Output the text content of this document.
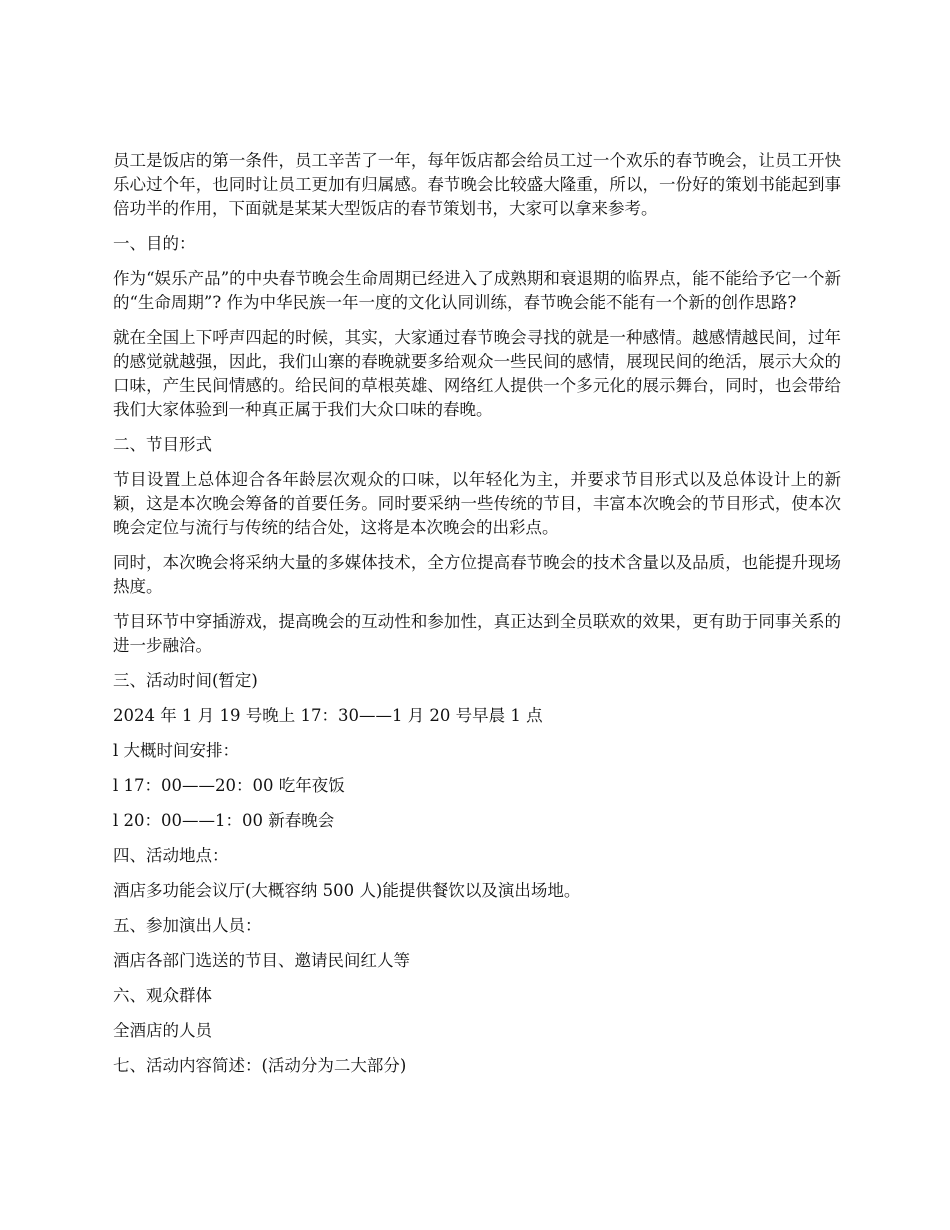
员工是饭店的第一条件，员工辛苦了一年，每年饭店都会给员工过一个欢乐的春节晚会，让员工开快乐心过个年，也同时让员工更加有归属感。春节晚会比较盛大隆重，所以，一份好的策划书能起到事倍功半的作用，下面就是某某大型饭店的春节策划书，大家可以拿来参考。

一、目的：

作为“娱乐产品”的中央春节晚会生命周期已经进入了成熟期和衰退期的临界点，能不能给予它一个新的“生命周期”? 作为中华民族一年一度的文化认同训练，春节晚会能不能有一个新的创作思路?

就在全国上下呼声四起的时候，其实，大家通过春节晚会寻找的就是一种感情。越感情越民间，过年的感觉就越强，因此，我们山寨的春晚就要多给观众一些民间的感情，展现民间的绝活，展示大众的口味，产生民间情感的。给民间的草根英雄、网络红人提供一个多元化的展示舞台，同时，也会带给我们大家体验到一种真正属于我们大众口味的春晚。

二、节目形式

节目设置上总体迎合各年龄层次观众的口味，以年轻化为主，并要求节目形式以及总体设计上的新颖，这是本次晚会筹备的首要任务。同时要采纳一些传统的节目，丰富本次晚会的节目形式，使本次晚会定位与流行与传统的结合处，这将是本次晚会的出彩点。

同时，本次晚会将采纳大量的多媒体技术，全方位提高春节晚会的技术含量以及品质，也能提升现场热度。

节目环节中穿插游戏，提高晚会的互动性和参加性，真正达到全员联欢的效果，更有助于同事关系的进一步融洽。

三、活动时间(暂定)

2024 年 1 月 19 号晚上 17：30——1 月 20 号早晨 1 点

l 大概时间安排：

l 17：00——20：00 吃年夜饭

l 20：00——1：00 新春晚会

四、活动地点：

酒店多功能会议厅(大概容纳 500 人)能提供餐饮以及演出场地。

五、参加演出人员：

酒店各部门选送的节目、邀请民间红人等

六、观众群体

全酒店的人员

七、活动内容简述：(活动分为二大部分)
